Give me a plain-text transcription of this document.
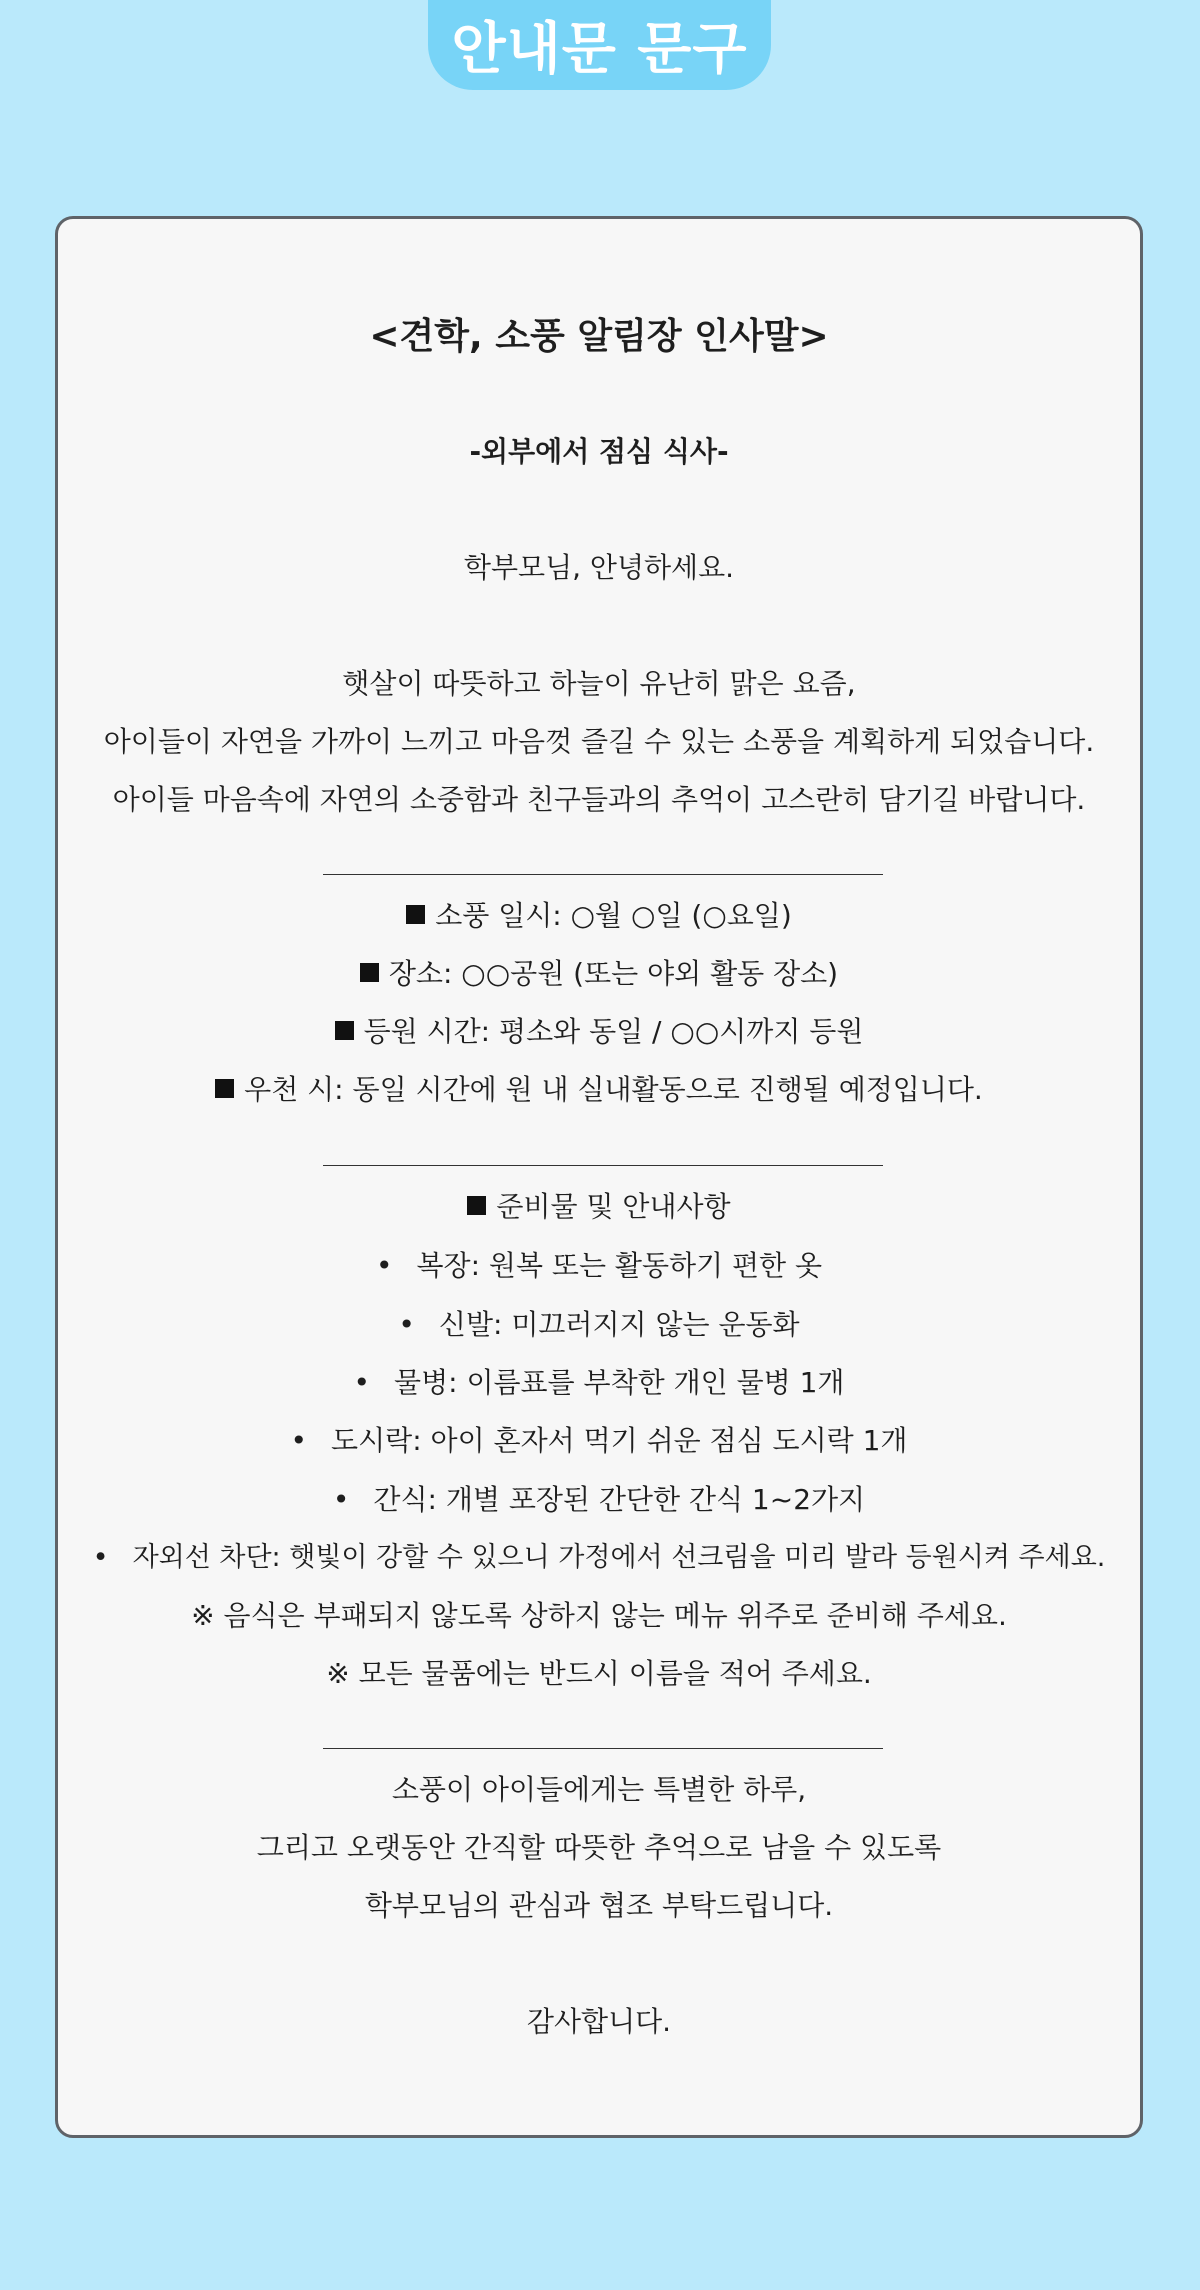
안내문 문구
<견학, 소풍 알림장 인사말>
-외부에서 점심 식사-
학부모님, 안녕하세요.
햇살이 따뜻하고 하늘이 유난히 맑은 요즘,
아이들이 자연을 가까이 느끼고 마음껏 즐길 수 있는 소풍을 계획하게 되었습니다.
아이들 마음속에 자연의 소중함과 친구들과의 추억이 고스란히 담기길 바랍니다.
소풍 일시: ○월 ○일 (○요일)
장소: ○○공원 (또는 야외 활동 장소)
등원 시간: 평소와 동일 / ○○시까지 등원
우천 시: 동일 시간에 원 내 실내활동으로 진행될 예정입니다.
준비물 및 안내사항
• 복장: 원복 또는 활동하기 편한 옷
• 신발: 미끄러지지 않는 운동화
• 물병: 이름표를 부착한 개인 물병 1개
• 도시락: 아이 혼자서 먹기 쉬운 점심 도시락 1개
• 간식: 개별 포장된 간단한 간식 1~2가지
• 자외선 차단: 햇빛이 강할 수 있으니 가정에서 선크림을 미리 발라 등원시켜 주세요.
※ 음식은 부패되지 않도록 상하지 않는 메뉴 위주로 준비해 주세요.
※ 모든 물품에는 반드시 이름을 적어 주세요.
소풍이 아이들에게는 특별한 하루,
그리고 오랫동안 간직할 따뜻한 추억으로 남을 수 있도록
학부모님의 관심과 협조 부탁드립니다.
감사합니다.
